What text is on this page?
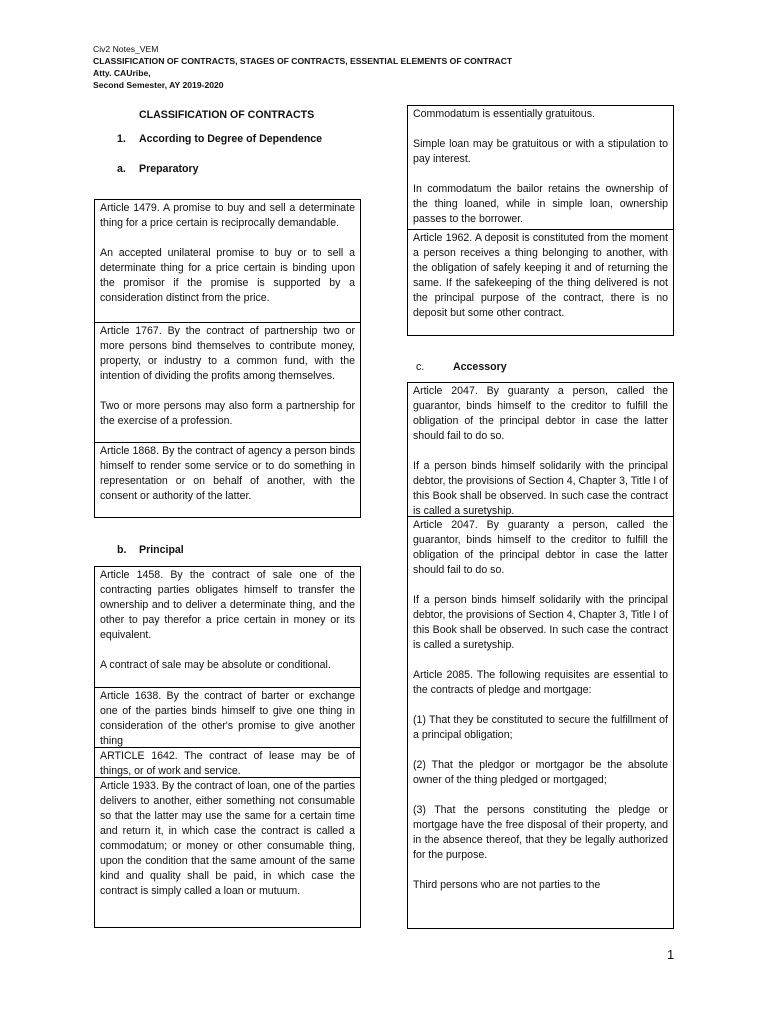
Civ2 Notes_VEM
CLASSIFICATION OF CONTRACTS, STAGES OF CONTRACTS, ESSENTIAL ELEMENTS OF CONTRACT
Atty. CAUribe,
Second Semester, AY 2019-2020
CLASSIFICATION OF CONTRACTS
1. According to Degree of Dependence
a. Preparatory

Article 1479. A promise to buy and sell a determinate thing for a price certain is reciprocally demandable.

An accepted unilateral promise to buy or to sell a determinate thing for a price certain is binding upon the promisor if the promise is supported by a consideration distinct from the price.

Article 1767. By the contract of partnership two or more persons bind themselves to contribute money, property, or industry to a common fund, with the intention of dividing the profits among themselves.

Two or more persons may also form a partnership for the exercise of a profession.

Article 1868. By the contract of agency a person binds himself to render some service or to do something in representation or on behalf of another, with the consent or authority of the latter.

b. Principal

Article 1458. By the contract of sale one of the contracting parties obligates himself to transfer the ownership and to deliver a determinate thing, and the other to pay therefor a price certain in money or its equivalent.

A contract of sale may be absolute or conditional.

Article 1638. By the contract of barter or exchange one of the parties binds himself to give one thing in consideration of the other's promise to give another thing

ARTICLE 1642. The contract of lease may be of things, or of work and service.

Article 1933. By the contract of loan, one of the parties delivers to another, either something not consumable so that the latter may use the same for a certain time and return it, in which case the contract is called a commodatum; or money or other consumable thing, upon the condition that the same amount of the same kind and quality shall be paid, in which case the contract is simply called a loan or mutuum.

Commodatum is essentially gratuitous.

Simple loan may be gratuitous or with a stipulation to pay interest.

In commodatum the bailor retains the ownership of the thing loaned, while in simple loan, ownership passes to the borrower.

Article 1962. A deposit is constituted from the moment a person receives a thing belonging to another, with the obligation of safely keeping it and of returning the same. If the safekeeping of the thing delivered is not the principal purpose of the contract, there is no deposit but some other contract.

c.	Accessory

Article 2047. By guaranty a person, called the guarantor, binds himself to the creditor to fulfill the obligation of the principal debtor in case the latter should fail to do so.

If a person binds himself solidarily with the principal debtor, the provisions of Section 4, Chapter 3, Title I of this Book shall be observed. In such case the contract is called a suretyship.

Article 2047. By guaranty a person, called the guarantor, binds himself to the creditor to fulfill the obligation of the principal debtor in case the latter should fail to do so.

If a person binds himself solidarily with the principal debtor, the provisions of Section 4, Chapter 3, Title I of this Book shall be observed. In such case the contract is called a suretyship.

Article 2085. The following requisites are essential to the contracts of pledge and mortgage:

(1) That they be constituted to secure the fulfillment of a principal obligation;

(2) That the pledgor or mortgagor be the absolute owner of the thing pledged or mortgaged;

(3) That the persons constituting the pledge or mortgage have the free disposal of their property, and in the absence thereof, that they be legally authorized for the purpose.

Third persons who are not parties to the

1
